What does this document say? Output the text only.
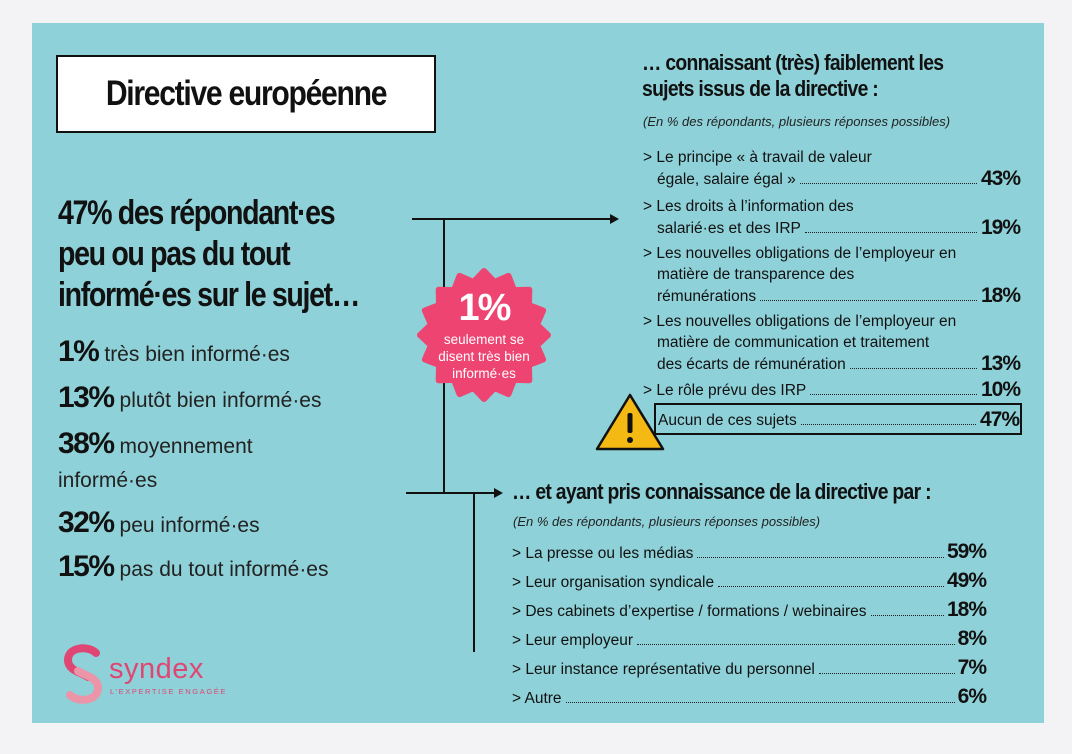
Directive européenne
47% des répondant·es
peu ou pas du tout
informé·es sur le sujet…
1% très bien informé·es
13% plutôt bien informé·es
38% moyennement
informé·es
32% peu informé·es
15% pas du tout informé·es
1%
seulement se
disent très bien
informé·es
… connaissant (très) faiblement les
sujets issus de la directive :
(En % des répondants, plusieurs réponses possibles)
> Le principe « à travail de valeur
égale, salaire égal »	43%
> Les droits à l’information des
salarié·es et des IRP	19%
> Les nouvelles obligations de l’employeur en
matière de transparence des
rémunérations	18%
> Les nouvelles obligations de l’employeur en
matière de communication et traitement
des écarts de rémunération	13%
> Le rôle prévu des IRP	10%
Aucun de ces sujets	47%
… et ayant pris connaissance de la directive par :
(En % des répondants, plusieurs réponses possibles)
> La presse ou les médias	59%
> Leur organisation syndicale	49%
> Des cabinets d’expertise / formations / webinaires	18%
> Leur employeur	8%
> Leur instance représentative du personnel	7%
> Autre	6%
syndex
L’EXPERTISE ENGAGÉE
